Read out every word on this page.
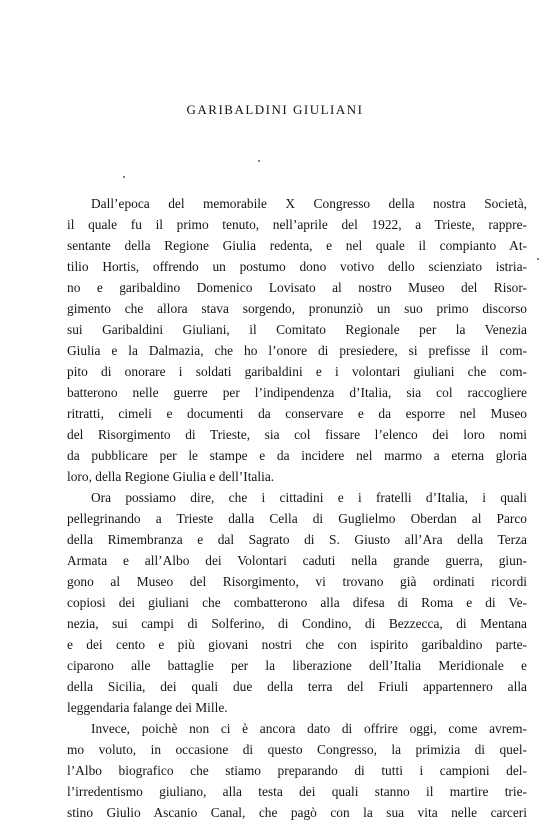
GARIBALDINI GIULIANI
Dall’epoca del memorabile X Congresso della nostra Società,
il quale fu il primo tenuto, nell’aprile del 1922, a Trieste, rappre-
sentante della Regione Giulia redenta, e nel quale il compianto At-
tilio Hortis, offrendo un postumo dono votivo dello scienziato istria-
no e garibaldino Domenico Lovisato al nostro Museo del Risor-
gimento che allora stava sorgendo, pronunziò un suo primo discorso
sui Garibaldini Giuliani, il Comitato Regionale per la Venezia
Giulia e la Dalmazia, che ho l’onore di presiedere, si prefisse il com-
pito di onorare i soldati garibaldini e i volontari giuliani che com-
batterono nelle guerre per l’indipendenza d’Italia, sia col raccogliere
ritratti, cimeli e documenti da conservare e da esporre nel Museo
del Risorgimento di Trieste, sia col fissare l’elenco dei loro nomi
da pubblicare per le stampe e da incidere nel marmo a eterna gloria
loro, della Regione Giulia e dell’Italia.
Ora possiamo dire, che i cittadini e i fratelli d’Italia, i quali
pellegrinando a Trieste dalla Cella di Guglielmo Oberdan al Parco
della Rimembranza e dal Sagrato di S. Giusto all’Ara della Terza
Armata e all’Albo dei Volontari caduti nella grande guerra, giun-
gono al Museo del Risorgimento, vi trovano già ordinati ricordi
copiosi dei giuliani che combatterono alla difesa di Roma e di Ve-
nezia, sui campi di Solferino, di Condino, di Bezzecca, di Mentana
e dei cento e più giovani nostri che con ispirito garibaldino parte-
ciparono alle battaglie per la liberazione dell’Italia Meridionale e
della Sicilia, dei quali due della terra del Friuli appartennero alla
leggendaria falange dei Mille.
Invece, poichè non ci è ancora dato di offrire oggi, come avrem-
mo voluto, in occasione di questo Congresso, la primizia di quel-
l’Albo biografico che stiamo preparando di tutti i campioni del-
l’irredentismo giuliano, alla testa dei quali stanno il martire trie-
stino Giulio Ascanio Canal, che pagò con la sua vita nelle carceri
